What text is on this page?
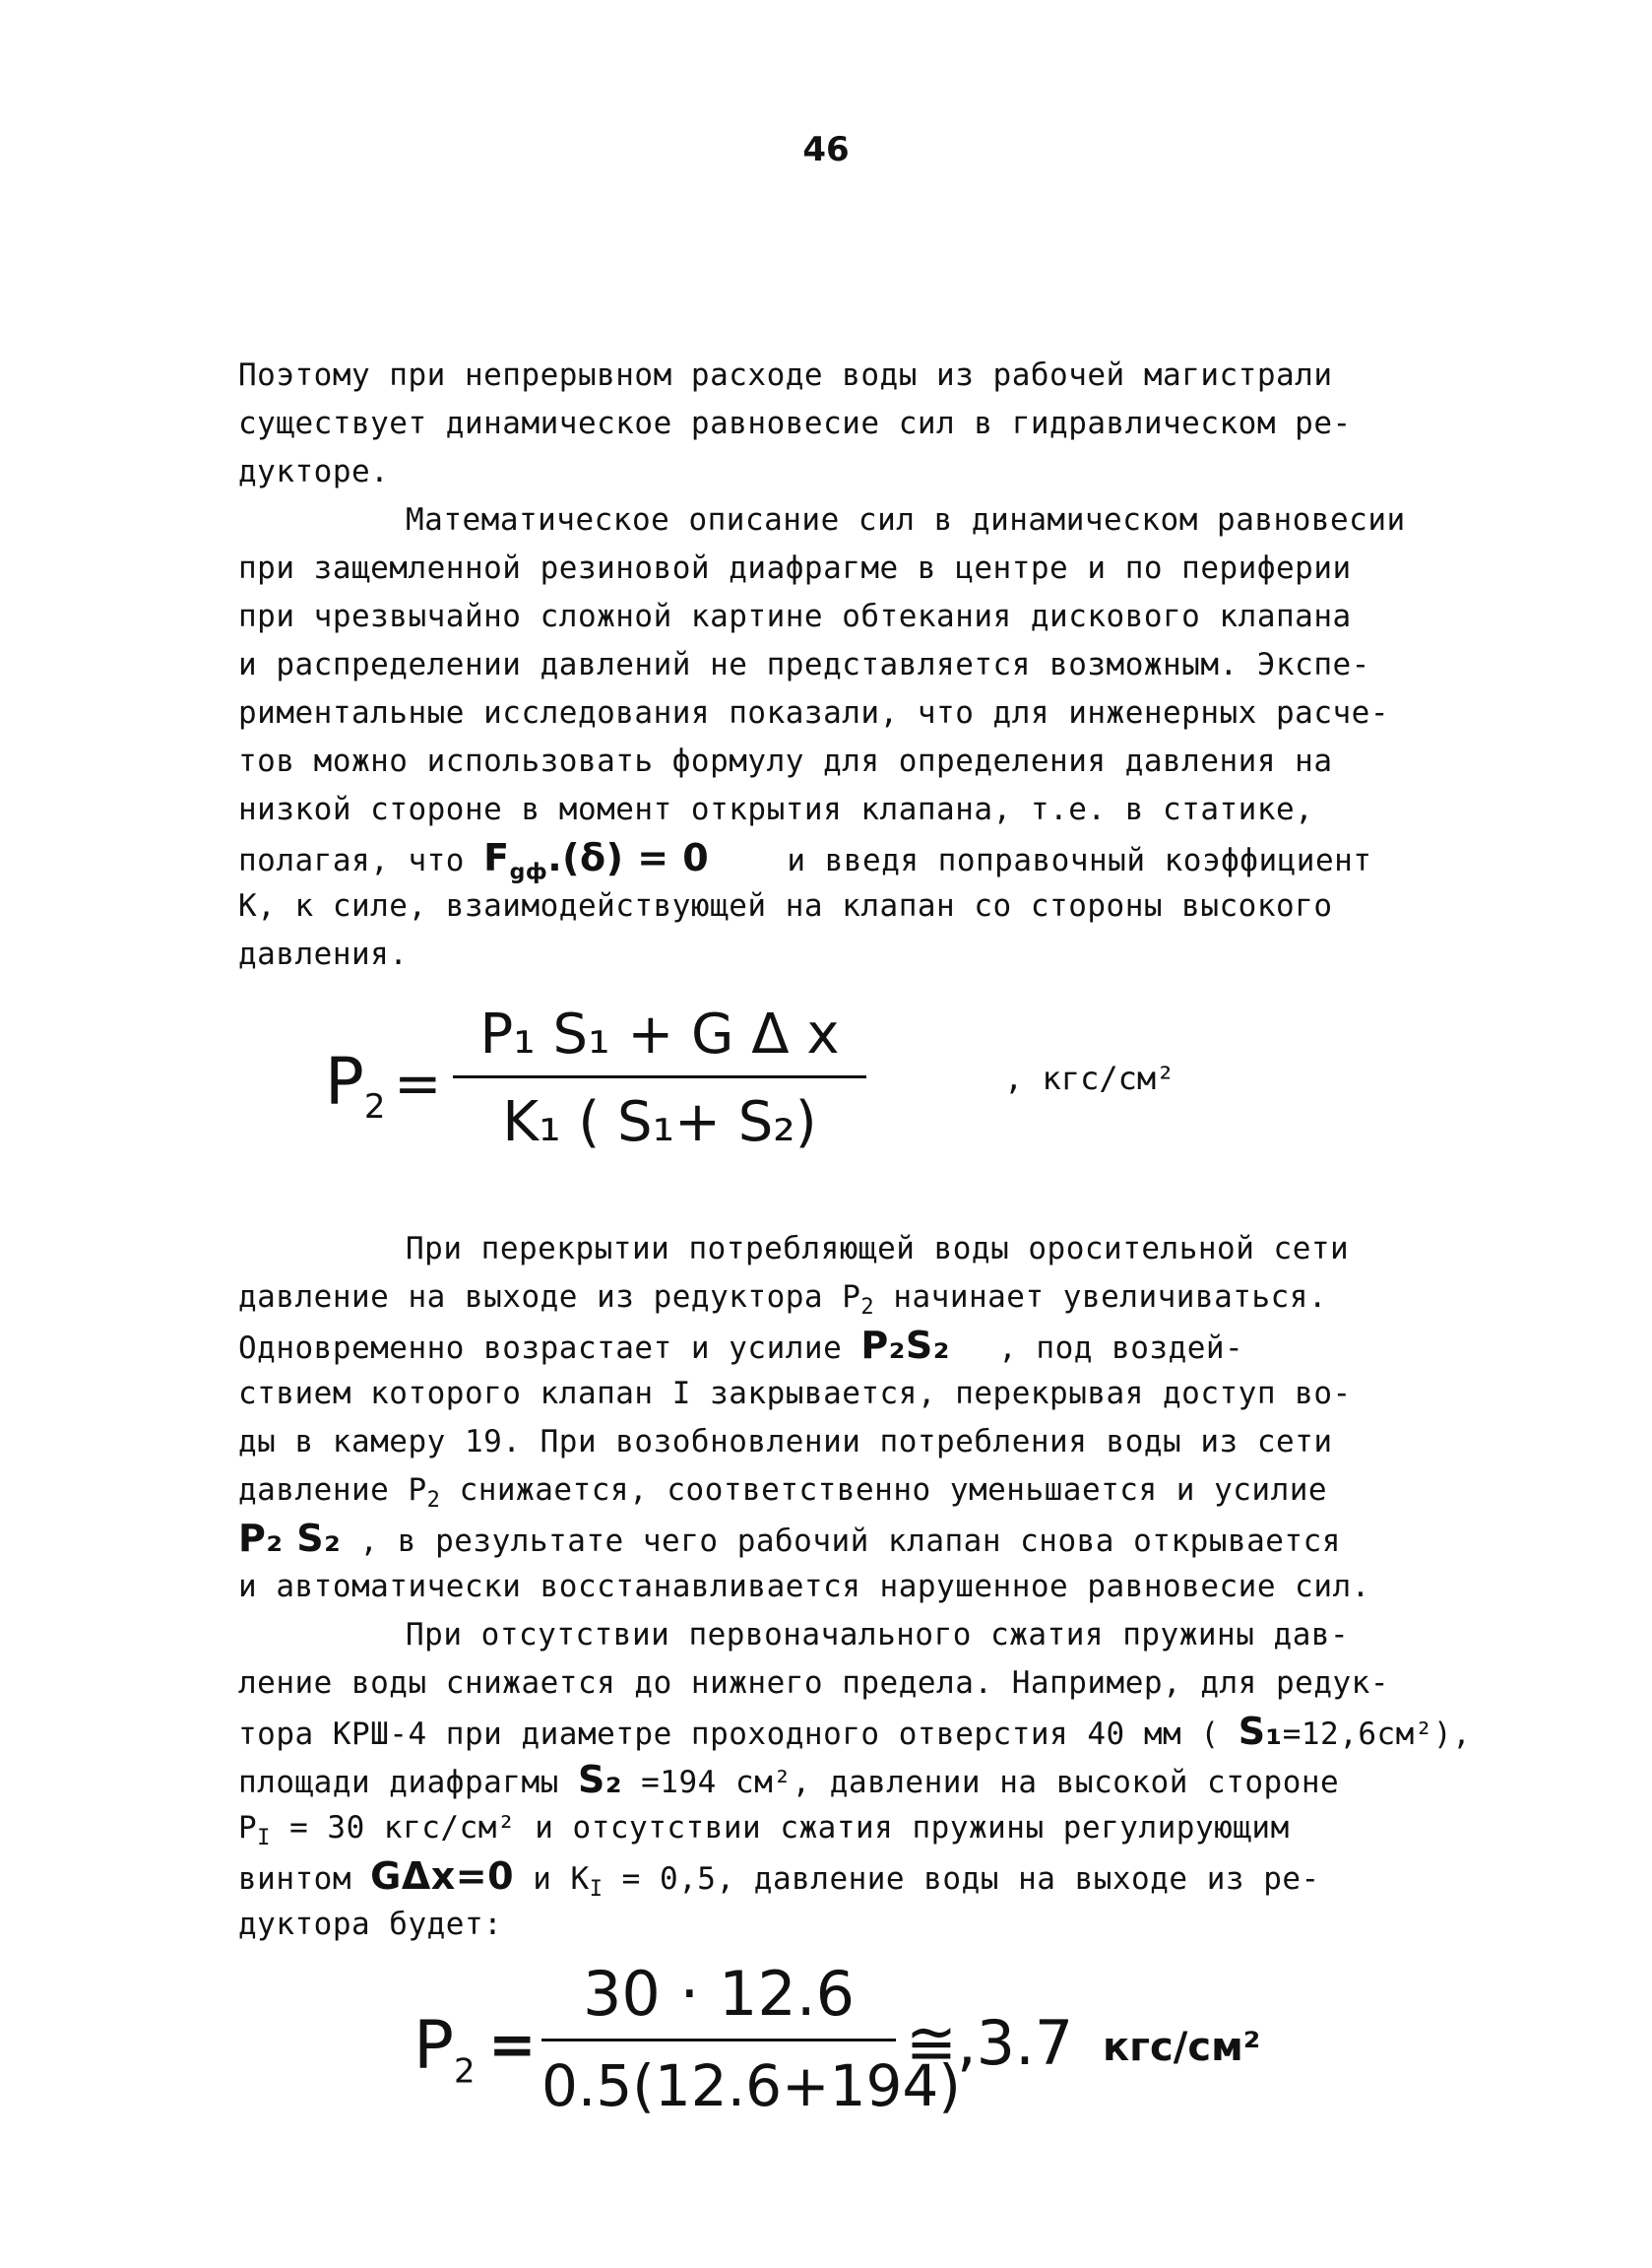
46
Поэтому при непрерывном расходе воды из рабочей магистрали
существует динамическое равновесие сил в гидравлическом ре-
дукторе.
Математическое описание сил в динамическом равновесии
при защемленной резиновой диафрагме в центре и по периферии
при чрезвычайно сложной картине обтекания дискового клапана
и распределении давлений не представляется возможным. Экспе-
риментальные исследования показали, что для инженерных расче-
тов можно использовать формулу для определения давления на
низкой стороне в момент открытия клапана, т.е. в статике,
полагая, что $F_{gф}.(\delta) = 0$	и введя поправочный коэффициент
К, к силе, взаимодействующей на клапан со стороны высокого
давления.
$P_2$ =
P₁ S₁ + G Δ x
K₁ ( S₁+ S₂)
, кгс/см²
При перекрытии потребляющей воды оросительной сети
давление на выходе из редуктора $Р_2$ начинает увеличиваться.
Одновременно возрастает и усилие P₂S₂ , под воздей-
ствием которого клапан I закрывается, перекрывая доступ во-
ды в камеру 19. При возобновлении потребления воды из сети
давление $Р_2$ снижается, соответственно уменьшается и усилие
P₂ S₂ , в результате чего рабочий клапан снова открывается
и автоматически восстанавливается нарушенное равновесие сил.
При отсутствии первоначального сжатия пружины дав-
ление воды снижается до нижнего предела. Например, для редук-
тора КРШ-4 при диаметре проходного отверстия 40 мм ( S₁=12,6см²),
площади диафрагмы S₂ =194 см², давлении на высокой стороне
$Р_I = 30$ кгс/см² и отсутствии сжатия пружины регулирующим
винтом GΔx=0 и $К_I = 0,5$, давление воды на выходе из ре-
дуктора будет:
$P_2$ =
30 · 12.6
0.5(12.6+194)
≅,3.7 кгс/см²
